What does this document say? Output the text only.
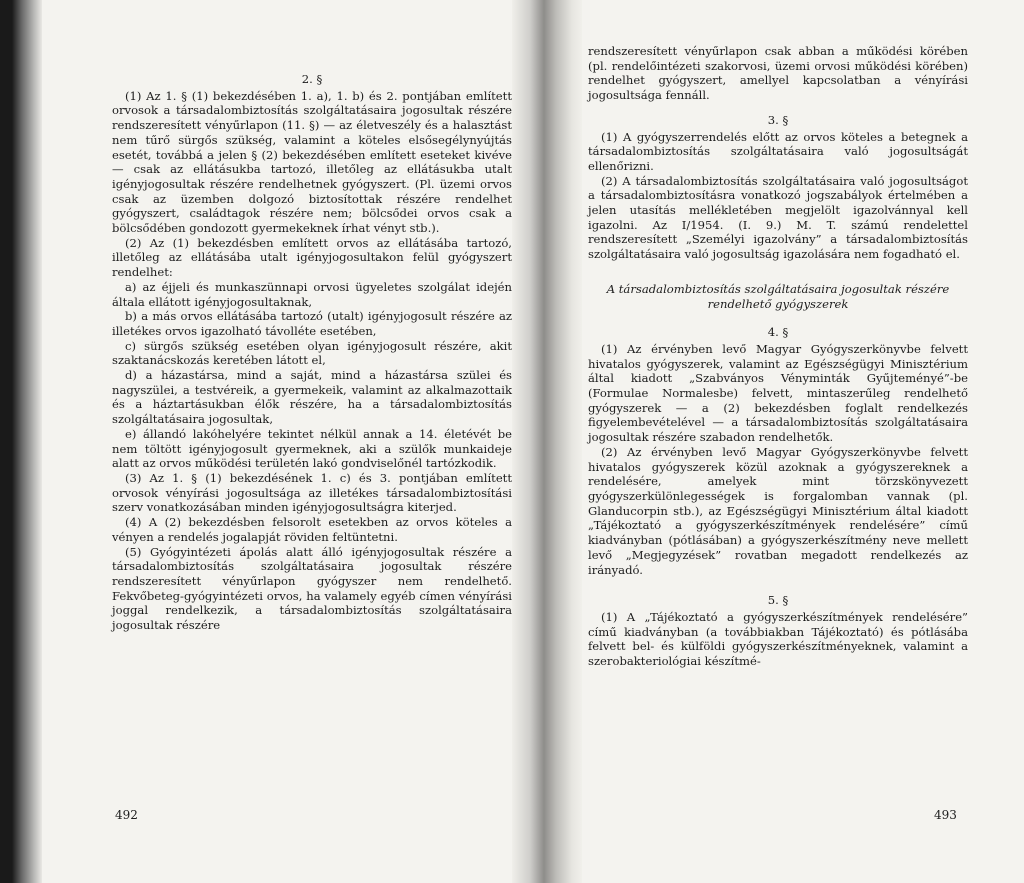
2. §

(1) Az 1. § (1) bekezdésében 1. a), 1. b) és 2. pontjában említett orvosok a társadalombiztosítás szolgáltatásaira jogosultak részére rendszeresített vényűrlapon (11. §) — az életveszély és a halasztást nem tűrő sürgős szükség, valamint a köteles elsősegélynyújtás esetét, továbbá a jelen § (2) bekezdésében említett eseteket kivéve — csak az ellátásukba tartozó, illetőleg az ellátásukba utalt igényjogosultak részére rendelhetnek gyógyszert. (Pl. üzemi orvos csak az üzemben dolgozó biztosítottak részére rendelhet gyógyszert, családtagok részére nem; bölcsődei orvos csak a bölcsődében gondozott gyermekeknek írhat vényt stb.).

(2) Az (1) bekezdésben említett orvos az ellátásába tartozó, illetőleg az ellátásába utalt igényjogosultakon felül gyógyszert rendelhet:

a) az éjjeli és munkaszünnapi orvosi ügyeletes szolgálat idején általa ellátott igényjogosultaknak,

b) a más orvos ellátásába tartozó (utalt) igényjogosult részére az illetékes orvos igazolható távolléte esetében,

c) sürgős szükség esetében olyan igényjogosult részére, akit szaktanácskozás keretében látott el,

d) a házastársa, mind a saját, mind a házastársa szülei és nagyszülei, a testvéreik, a gyermekeik, valamint az alkalmazottaik és a háztartásukban élők részére, ha a társadalombiztosítás szolgáltatásaira jogosultak,

e) állandó lakóhelyére tekintet nélkül annak a 14. életévét be nem töltött igényjogosult gyermeknek, aki a szülők munkaideje alatt az orvos működési területén lakó gondviselőnél tartózkodik.

(3) Az 1. § (1) bekezdésének 1. c) és 3. pontjában említett orvosok vényírási jogosultsága az illetékes társadalombiztosítási szerv vonatkozásában minden igényjogosultságra kiterjed.

(4) A (2) bekezdésben felsorolt esetekben az orvos köteles a vényen a rendelés jogalapját röviden feltüntetni.

(5) Gyógyintézeti ápolás alatt álló igényjogosultak részére a társadalombiztosítás szolgáltatásaira jogosultak részére rendszeresített vényűrlapon gyógyszer nem rendelhető. Fekvőbeteg-gyógyintézeti orvos, ha valamely egyéb címen vényírási joggal rendelkezik, a társadalombiztosítás szolgáltatásaira jogosultak részére

rendszeresített vényűrlapon csak abban a működési körében (pl. rendelőintézeti szakorvosi, üzemi orvosi működési körében) rendelhet gyógyszert, amellyel kapcsolatban a vényírási jogosultsága fennáll.

3. §

(1) A gyógyszerrendelés előtt az orvos köteles a betegnek a társadalombiztosítás szolgáltatásaira való jogosultságát ellenőrizni.

(2) A társadalombiztosítás szolgáltatásaira való jogosultságot a társadalombiztosításra vonatkozó jogszabályok értelmében a jelen utasítás mellékletében megjelölt igazolvánnyal kell igazolni. Az I/1954. (I. 9.) M. T. számú rendelettel rendszeresített „Személyi igazolvány” a társadalombiztosítás szolgáltatásaira való jogosultság igazolására nem fogadható el.

A társadalombiztosítás szolgáltatásaira jogosultak részére rendelhető gyógyszerek
4. §

(1) Az érvényben levő Magyar Gyógyszerkönyvbe felvett hivatalos gyógyszerek, valamint az Egészségügyi Minisztérium által kiadott „Szabványos Vényminták Gyűjteményé”-be (Formulae Normalesbe) felvett, mintaszerűleg rendelhető gyógyszerek — a (2) bekezdésben foglalt rendelkezés figyelembevételével — a társadalombiztosítás szolgáltatásaira jogosultak részére szabadon rendelhetők.

(2) Az érvényben levő Magyar Gyógyszerkönyvbe felvett hivatalos gyógyszerek közül azoknak a gyógyszereknek a rendelésére, amelyek mint törzskönyvezett gyógyszerkülönlegességek is forgalomban vannak (pl. Glanducorpin stb.), az Egészségügyi Minisztérium által kiadott „Tájékoztató a gyógyszerkészítmények rendelésére” című kiadványban (pótlásában) a gyógyszerkészítmény neve mellett levő „Megjegyzések” rovatban megadott rendelkezés az irányadó.

5. §

(1) A „Tájékoztató a gyógyszerkészítmények rendelésére” című kiadványban (a továbbiakban Tájékoztató) és pótlásába felvett bel- és külföldi gyógyszerkészítményeknek, valamint a szerobakteriológiai készítmé-

492	493
